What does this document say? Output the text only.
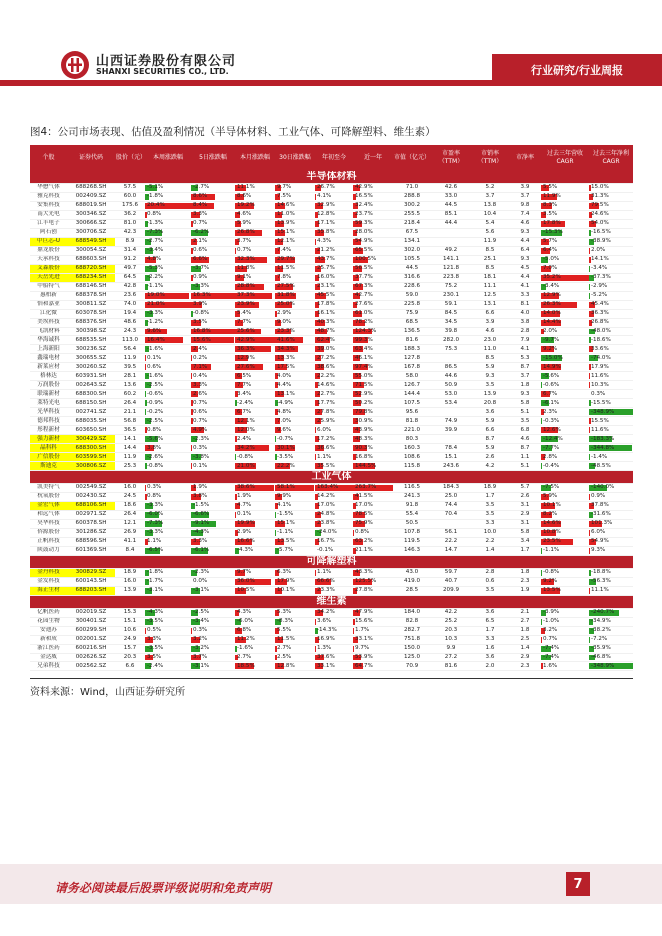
山西证券股份有限公司
SHANXI SECURITIES CO., LTD.	行业研究/行业周报
图4：公司市场表现、估值及盈利情况（半导体材料、工业气体、可降解塑料、维生素）
个股	证券代码	股价（元）	本周涨跌幅	5日涨跌幅	本月涨跌幅	30日涨跌幅	年初至今	近一年	市值（亿元）	市盈率（TTM）	市销率（TTM）	市净率	过去三年营收CAGR	过去三年净利CAGR
半导体材料														
华懋气体	688268.SH	57.5	-5.1%	-2.7%	11.1%	9.7%	26.7%	42.9%	71.0	42.6	5.2	3.9	5.5%	15.0%
雅克科技	002409.SZ	60.0	-1.8%	8.6%	8.6%	7.5%	4.1%	16.5%	288.8	33.0	3.7	3.7	11.9%	31.3%
安集科技	688019.SH	175.6	20.4%	8.4%	19.2%	14.6%	32.9%	32.4%	300.2	44.5	13.8	9.8	8.3%	79.5%
南大光电	300346.SZ	36.2	0.8%	3.3%	4.6%	11.0%	12.8%	23.7%	255.5	85.1	10.4	7.4	3.5%	24.6%
江丰电子	300666.SZ	81.0	-1.3%	0.7%	5.9%	13.9%	17.1%	59.3%	218.4	44.4	5.4	4.6	17.8%	54.0%
阿石创	300706.SZ	42.3	-7.3%	-6.2%	26.8%	15.1%	35.8%	28.0%	67.5		5.6	9.3	-15.3%	-16.5%
中巨芯-U	688549.SH	8.9	-2.7%	2.1%	3.7%	12.1%	4.3%	54.9%	134.1		11.9	4.4	5.7%	-38.9%
鼎龙股份	300054.SZ	31.4	-3.4%	0.6%	0.7%	7.4%	21.2%	65.5%	302.0	49.2	8.5	6.4	6.4%	2.0%
天承科技	688603.SH	91.2	4.8%	6.6%	32.3%	29.7%	43.7%	100.5%	105.5	141.1	25.1	9.3	-5.0%	14.1%
艾森股份	688720.SH	49.7	-5.3%	-3.7%	11.8%	11.5%	25.7%	56.5%	44.5	121.8	8.5	4.5	7.0%	-3.4%
天岳先进	688234.SH	64.5	-2.2%	0.9%	9.1%	7.8%	16.0%	37.7%	316.6	223.8	18.1	4.4	35.2%	-37.3%
中船特气	688146.SH	42.8	-1.1%	-3.3%	28.8%	27.5%	23.1%	67.3%	228.6	75.2	11.1	4.1	-3.4%	-2.9%
惠柏新	688378.SH	23.6	19.0%	16.3%	37.3%	31.8%	45.5%	42.7%	59.0	230.1	12.5	3.3	12.9%	-5.2%
怡和嘉业	300811.SZ	74.0	21.0%	3.9%	23.9%	25.0%	17.8%	27.6%	225.8	59.1	13.1	8.1	26.3%	45.4%
江化微	603078.SH	19.4	-3.3%	-0.8%	5.4%	2.9%	16.1%	61.0%	75.9	84.5	6.6	4.0	14.0%	36.3%
美埃科技	688376.SH	48.6	-1.2%	3.5%	7.7%	9.0%	40.3%	78.2%	68.5	34.5	3.9	3.8	14.4%	26.8%
飞凯材料	300398.SZ	24.3	9.6%	16.8%	25.6%	23.3%	48.7%	124.3%	136.5	39.8	4.6	2.8	2.0%	-48.0%
华海诚科	688535.SH	113.0	16.4%	15.6%	42.9%	41.6%	62.4%	99.3%	81.6	282.0	23.0	7.9	-9.7%	-18.6%
上海新阳	300236.SZ	56.4	-1.6%	2.4%	36.3%	34.3%	39.0%	63.4%	188.3	75.3	11.0	4.1	9.2%	33.6%
鑫瑞电材	300655.SZ	11.9	0.1%	0.2%	12.9%	13.3%	27.2%	46.1%	127.8		8.5	5.3	-15.0%	-74.0%
新莱应材	300260.SZ	39.5	0.6%	7.1%	27.6%	17.5%	38.6%	97.4%	167.8	86.5	5.9	8.7	14.9%	17.9%
格林达	603931.SH	28.1	-1.6%	0.4%	6.5%	4.0%	22.2%	55.0%	58.0	44.6	9.3	3.7	-5.6%	11.6%
万润股份	002643.SZ	13.6	-2.5%	3.3%	7.7%	4.4%	14.6%	71.5%	126.7	50.9	3.5	1.8	-0.6%	10.3%
联瑞新材	688300.SH	60.2	-0.6%	2.6%	3.4%	13.1%	22.7%	52.9%	144.4	53.0	13.9	9.3	6.7%	0.3%
莱特光电	688150.SH	26.4	-0.9%	0.7%	-2.4%	-4.9%	17.7%	50.2%	107.5	53.4	20.8	5.8	-6.1%	-15.5%
光华科技	002741.SZ	21.1	-0.2%	0.6%	6.7%	4.8%	27.8%	79.8%	95.6		3.6	5.1	2.3%	-348.9%
德邦科技	688035.SH	56.8	-2.5%	0.7%	12.1%	7.0%	25.9%	30.9%	81.8	74.9	5.9	3.5	-0.3%	15.5%
彤程新材	603650.SH	36.5	0.8%	4.9%	12.0%	9.6%	6.0%	43.9%	221.0	39.9	6.6	6.8	12.6%	11.6%
强力新材	300429.SZ	14.1	-5.6%	-2.3%	2.4%	-0.7%	17.2%	48.3%	80.3		8.7	4.6	-12.4%	-183.3%
晶科科	688300.SH	14.4	3.8%	0.3%	34.2%	30.1%	36.6%	90.3%	160.3	78.4	5.9	8.7	-7.7%	-344.8%
广信股份	603599.SH	11.9	-2.6%	-3.8%	-0.8%	-3.5%	1.1%	16.8%	108.6	15.1	2.6	1.1	2.8%	-1.4%
斯迪克	300806.SZ	25.3	-0.8%	0.1%	21.0%	22.2%	35.5%	144.5%	115.8	243.6	4.2	5.1	-0.4%	-48.5%
工业气体														
凯美特气	002549.SZ	16.0	0.3%	1.9%	38.6%	58.1%	163.4%	263.7%	116.5	184.3	18.9	5.7	-7.5%	-140.0%
杭氧股份	002430.SZ	24.5	0.8%	3.8%	1.9%	9.9%	14.2%	41.5%	241.3	25.0	1.7	2.6	5.9%	0.9%
金宏气体	688106.SH	18.6	-3.3%	-1.5%	4.7%	4.1%	17.0%	17.0%	91.8	74.4	3.5	3.1	10.1%	37.8%
和远气体	002971.SZ	26.4	-6.0%	-6.6%	0.1%	-1.5%	24.8%	78.5%	55.4	70.4	3.5	2.9	8.2%	-31.6%
昊华科技	600378.SH	12.1	-7.3%	-9.1%	19.9%	15.1%	23.8%	75.9%	50.5		3.3	3.1	14.6%	101.3%
侨源股份	301286.SZ	26.9	-3.3%	-4.3%	2.9%	-1.1%	-24.0%	0.8%	107.8	56.1	10.0	5.8	10.8%	6.0%
正帆科技	688596.SH	41.1	1.1%	3.3%	16.6%	13.5%	16.7%	63.2%	119.5	22.2	2.2	3.4	23.5%	54.9%
陕鼓动力	601369.SH	8.4	-6.5%	-6.1%	-4.3%	-5.7%	-0.1%	21.1%	146.3	14.7	1.4	1.7	-1.1%	9.3%
可降解塑料														
金丹科技	300829.SZ	18.9	-1.8%	-2.3%	9.7%	6.3%	1.1%	43.3%	43.0	59.7	2.8	1.8	-0.8%	-18.8%
金发科技	600143.SH	16.0	-1.7%	0.0%	36.0%	17.9%	66.6%	125.5%	419.0	40.7	0.6	2.3	9.2%	-56.3%
海正生材	688203.SH	13.9	-3.1%	-3.1%	10.5%	10.1%	23.3%	27.8%	28.5	209.9	3.5	1.9	13.5%	11.1%
维生素														
亿帆医药	002019.SZ	15.3	-4.3%	-2.5%	4.3%	5.3%	34.2%	47.9%	184.0	42.2	3.6	2.1	-3.9%	-240.7%
花园生物	300401.SZ	15.1	-3.5%	-3.4%	-6.0%	-8.3%	3.6%	15.6%	82.8	25.2	6.5	2.7	-1.0%	-34.9%
安迪苏	600299.SH	10.6	0.5%	0.3%	6.8%	5.5%	-14.3%	1.7%	282.7	20.3	1.7	1.8	3.2%	-38.2%
新和成	002001.SZ	24.9	3.3%	3.2%	11.2%	11.5%	16.9%	33.1%	751.8	10.3	3.3	2.5	0.7%	-7.2%
浙江医药	600216.SH	15.7	-3.5%	-3.2%	-1.6%	2.7%	1.3%	9.7%	150.0	9.9	1.6	1.4	-7.4%	-35.9%
金达威	002626.SZ	20.3	3.5%	3.7%	2.7%	2.5%	37.6%	53.9%	125.0	27.2	3.6	2.9	-7.4%	-46.8%
兄弟科技	002562.SZ	6.6	-2.4%	-3.1%	18.5%	12.8%	33.1%	64.7%	70.9	81.6	2.0	2.3	1.6%	-348.9%
资料来源：Wind，山西证券研究所
请务必阅读最后股票评级说明和免责声明	7
